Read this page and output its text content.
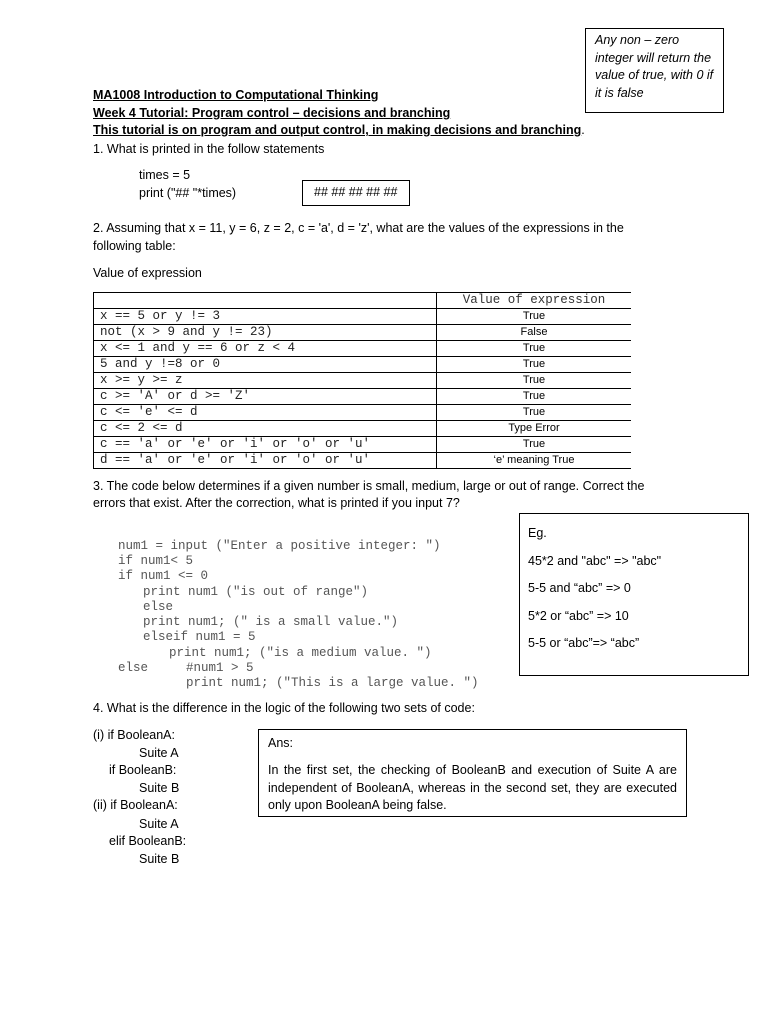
Any non – zero integer will return the value of true, with 0 if it is false
MA1008 Introduction to Computational Thinking
Week 4 Tutorial: Program control – decisions and branching
This tutorial is on program and output control, in making decisions and branching.
1. What is printed in the follow statements
times = 5
print ("## "*times)	## ## ## ## ##
2. Assuming that x = 11, y = 6, z = 2, c = 'a', d = 'z', what are the values of the expressions in the
following table:
Value of expression
	Value of expression
x == 5 or y != 3	True
not (x > 9 and y != 23)	False
x <= 1 and y == 6 or z < 4	True
5 and y !=8 or 0	True
x >= y >= z	True
c >= 'A' or d >= 'Z'	True
c <= 'e' <= d	True
c <= 2 <= d	Type Error
c == 'a' or 'e' or 'i' or 'o' or 'u'	True
d == 'a' or 'e' or 'i' or 'o' or 'u'	‘e’ meaning True
3. The code below determines if a given number is small, medium, large or out of range. Correct the
errors that exist. After the correction, what is printed if you input 7?
num1 = input ("Enter a positive integer: ")
if num1< 5
if num1 <= 0
print num1 ("is out of range")
else
print num1; (" is a small value.")
elseif num1 = 5
print num1; ("is a medium value. ")
else	#num1 > 5
print num1; ("This is a large value. ")
Eg.
45*2 and "abc" => "abc"
5-5 and “abc” => 0
5*2 or “abc” => 10
5-5 or “abc”=> “abc”
4. What is the difference in the logic of the following two sets of code:
(i) if BooleanA:
Suite A
if BooleanB:
Suite B
(ii) if BooleanA:
Suite A
elif BooleanB:
Suite B
Ans:
In the first set, the checking of BooleanB and execution of Suite A are independent of BooleanA, whereas in the second set, they are executed only upon BooleanA being false.
